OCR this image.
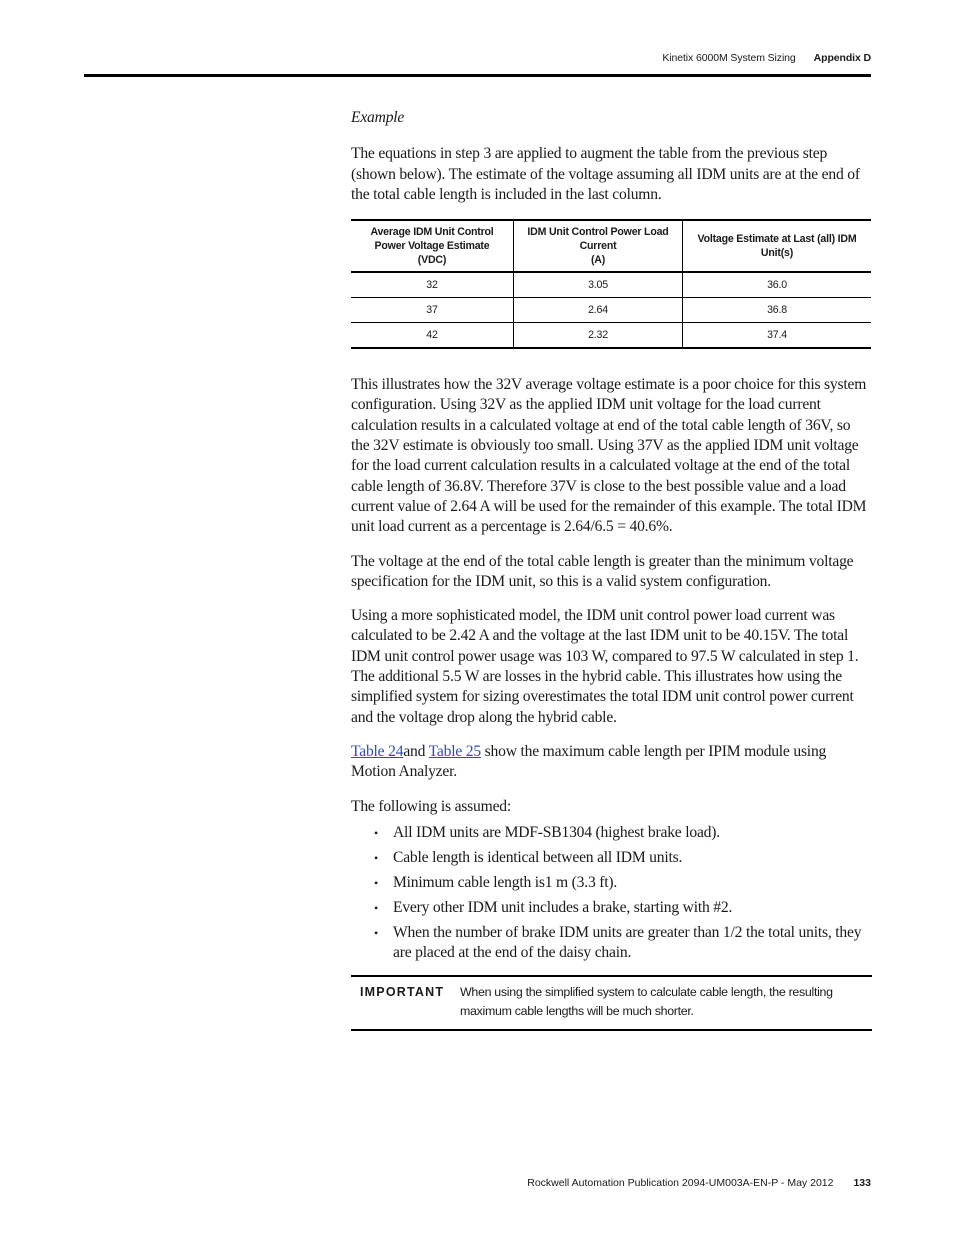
Kinetix 6000M System Sizing Appendix D
Example

The equations in step 3 are applied to augment the table from the previous step (shown below). The estimate of the voltage assuming all IDM units are at the end of the total cable length is included in the last column.

Average IDM Unit Control
Power Voltage Estimate
(VDC)	IDM Unit Control Power Load
Current
(A)	Voltage Estimate at Last (all) IDM
Unit(s)
32	3.05	36.0
37	2.64	36.8
42	2.32	37.4

This illustrates how the 32V average voltage estimate is a poor choice for this system configuration. Using 32V as the applied IDM unit voltage for the load current calculation results in a calculated voltage at end of the total cable length of 36V, so the 32V estimate is obviously too small. Using 37V as the applied IDM unit voltage for the load current calculation results in a calculated voltage at the end of the total cable length of 36.8V. Therefore 37V is close to the best possible value and a load current value of 2.64 A will be used for the remainder of this example. The total IDM unit load current as a percentage is 2.64/6.5 = 40.6%.

The voltage at the end of the total cable length is greater than the minimum voltage specification for the IDM unit, so this is a valid system configuration.

Using a more sophisticated model, the IDM unit control power load current was calculated to be 2.42 A and the voltage at the last IDM unit to be 40.15V. The total IDM unit control power usage was 103 W, compared to 97.5 W calculated in step 1. The additional 5.5 W are losses in the hybrid cable. This illustrates how using the simplified system for sizing overestimates the total IDM unit control power current and the voltage drop along the hybrid cable.

Table 24and Table 25 show the maximum cable length per IPIM module using Motion Analyzer.

The following is assumed:

• All IDM units are MDF-SB1304 (highest brake load).
• Cable length is identical between all IDM units.
• Minimum cable length is1 m (3.3 ft).
• Every other IDM unit includes a brake, starting with #2.
• When the number of brake IDM units are greater than 1/2 the total units, they are placed at the end of the daisy chain.
IMPORTANT When using the simplified system to calculate cable length, the resulting maximum cable lengths will be much shorter.
Rockwell Automation Publication 2094-UM003A-EN-P - May 2012 133
